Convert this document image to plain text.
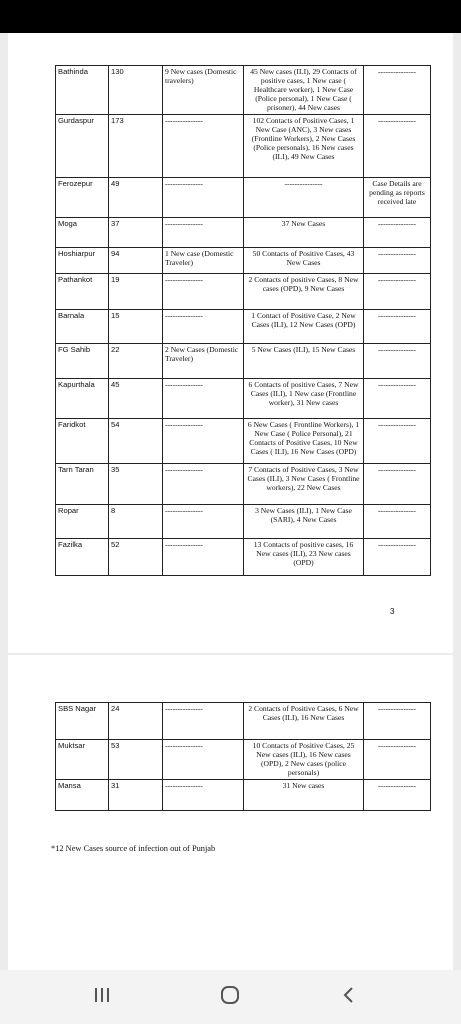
Bathinda	130	9 New cases (Domestic travelers)	45 New cases (ILI), 29 Contacts of positive cases, 1 New case ( Healthcare worker), 1 New Case (Police personal), 1 New Case ( prisoner), 44 New cases	---------------
Gurdaspur	173	---------------	102 Contacts of Positive Cases, 1 New Case (ANC), 3 New cases (Frontline Workers), 2 New Cases (Police personals), 16 New cases (ILI), 49 New Cases	---------------
Ferozepur	49	---------------	---------------	Case Details are pending as reports received late
Moga	37	---------------	37 New Cases	---------------
Hoshiarpur	94	1 New case (Domestic Traveler)	50 Contacts of Positive Cases, 43 New Cases	---------------
Pathankot	19	---------------	2 Contacts of positive Cases, 8 New cases (OPD), 9 New Cases	---------------
Barnala	15	---------------	1 Contact of Positive Case, 2 New Cases (ILI), 12 New Cases (OPD)	---------------
FG Sahib	22	2 New Cases (Domestic Traveler)	5 New Cases (ILI), 15 New Cases	---------------
Kapurthala	45	---------------	6 Contacts of positive Cases, 7 New Cases (ILI), 1 New case (Frontline worker), 31 New cases	---------------
Faridkot	54	---------------	6 New Cases ( Frontline Workers), 1 New Case ( Police Personal), 21 Contacts of Positive Cases, 10 New Cases ( ILI), 16 New Cases (OPD)	---------------
Tarn Taran	35	---------------	7 Contacts of Positive Cases, 3 New Cases (ILI), 3 New Cases ( Frontline workers), 22 New Cases	---------------
Ropar	8	---------------	3 New Cases (ILI), 1 New Case (SARI), 4 New Cases	---------------
Fazilka	52	---------------	13 Contacts of positive cases, 16 New cases (ILI), 23 New cases (OPD)	---------------
3
SBS Nagar	24	---------------	2 Contacts of Positive Cases, 6 New Cases (ILI), 16 New Cases	---------------
Muktsar	53	---------------	10 Contacts of Positive Cases, 25 New cases (ILI), 16 New cases (OPD), 2 New cases (police personals)	---------------
Mansa	31	---------------	31 New cases	---------------
*12 New Cases source of infection out of Punjab
